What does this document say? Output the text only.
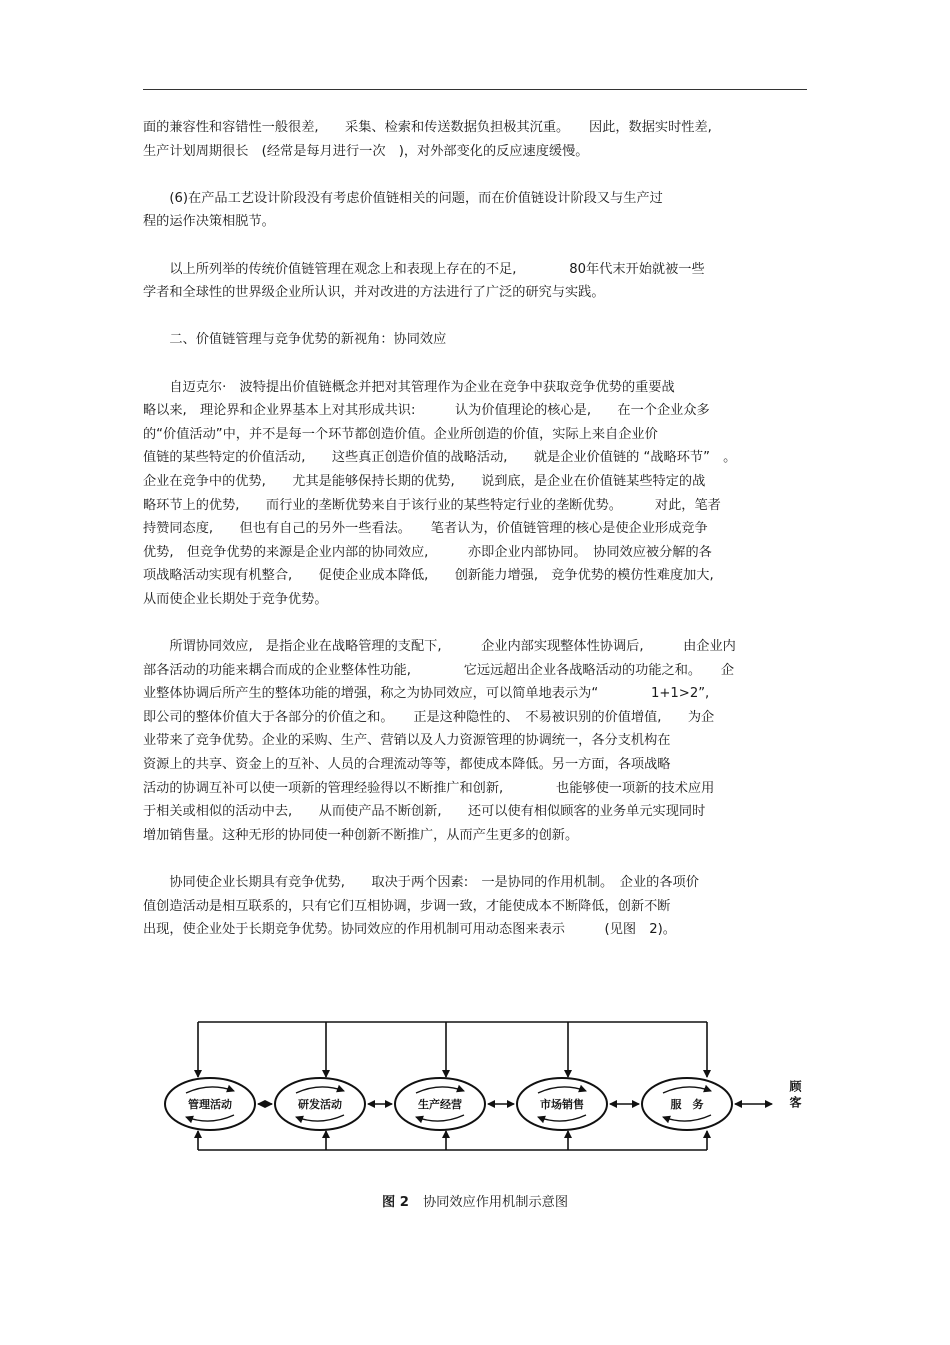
面的兼容性和容错性一般很差,　　采集、检索和传送数据负担极其沉重。　　因此，数据实时性差,
生产计划周期很长　(经常是每月进行一次　)，对外部变化的反应速度缓慢。

　　(6)在产品工艺设计阶段没有考虑价值链相关的问题，而在价值链设计阶段又与生产过
程的运作决策相脱节。

　　以上所列举的传统价值链管理在观念上和表现上存在的不足,　　　　80年代末开始就被一些
学者和全球性的世界级企业所认识，并对改进的方法进行了广泛的研究与实践。

　　二、价值链管理与竞争优势的新视角：协同效应

　　自迈克尔·　波特提出价值链概念并把对其管理作为企业在竞争中获取竞争优势的重要战
略以来,　理论界和企业界基本上对其形成共识:　　　认为价值理论的核心是,　　在一个企业众多
的“价值活动”中，并不是每一个环节都创造价值。企业所创造的价值，实际上来自企业价
值链的某些特定的价值活动,　　这些真正创造价值的战略活动,　　就是企业价值链的 “战略环节”　。
企业在竞争中的优势,　　尤其是能够保持长期的优势,　　说到底，是企业在价值链某些特定的战
略环节上的优势,　　而行业的垄断优势来自于该行业的某些特定行业的垄断优势。　　　对此，笔者
持赞同态度,　　但也有自己的另外一些看法。　　笔者认为，价值链管理的核心是使企业形成竞争
优势,　但竞争优势的来源是企业内部的协同效应,　　　亦即企业内部协同。　协同效应被分解的各
项战略活动实现有机整合,　　促使企业成本降低,　　创新能力增强,　竞争优势的模仿性难度加大,
从而使企业长期处于竞争优势。

　　所谓协同效应,　是指企业在战略管理的支配下,　　　企业内部实现整体性协调后,　　　由企业内
部各活动的功能来耦合而成的企业整体性功能,　　　　它远远超出企业各战略活动的功能之和。　　企
业整体协调后所产生的整体功能的增强，称之为协同效应，可以简单地表示为“　　　　1+1>2”,
即公司的整体价值大于各部分的价值之和。　　正是这种隐性的、　不易被识别的价值增值,　　为企
业带来了竞争优势。企业的采购、生产、营销以及人力资源管理的协调统一，各分支机构在
资源上的共享、资金上的互补、人员的合理流动等等，都使成本降低。另一方面，各项战略
活动的协调互补可以使一项新的管理经验得以不断推广和创新,　　　　也能够使一项新的技术应用
于相关或相似的活动中去,　　从而使产品不断创新,　　还可以使有相似顾客的业务单元实现同时
增加销售量。这种无形的协同使一种创新不断推广，从而产生更多的创新。

　　协同使企业长期具有竞争优势,　　取决于两个因素:　一是协同的作用机制。　企业的各项价
值创造活动是相互联系的，只有它们互相协调，步调一致，才能使成本不断降低，创新不断
出现，使企业处于长期竞争优势。协同效应的作用机制可用动态图来表示　　　(见图　2)。

顾客
管理活动	研发活动	生产经营	市场销售	服　务
图 2 协同效应作用机制示意图
